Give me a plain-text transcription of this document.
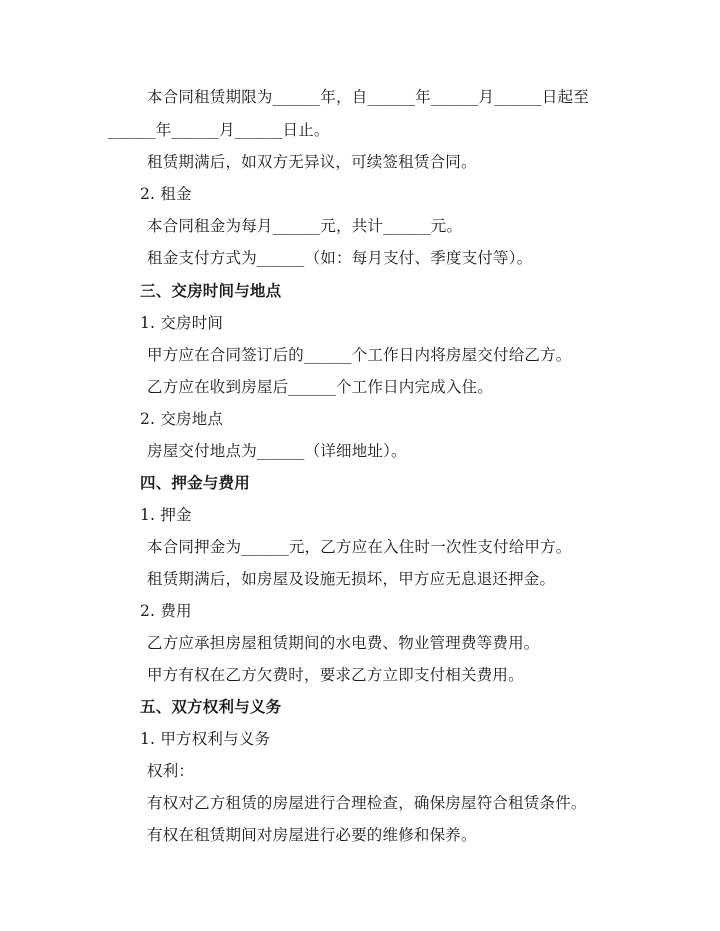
本合同租赁期限为______年，自______年______月______日起至
______年______月______日止。
租赁期满后，如双方无异议，可续签租赁合同。
2. 租金
本合同租金为每月______元，共计______元。
租金支付方式为______（如：每月支付、季度支付等）。
三、交房时间与地点
1. 交房时间
甲方应在合同签订后的______个工作日内将房屋交付给乙方。
乙方应在收到房屋后______个工作日内完成入住。
2. 交房地点
房屋交付地点为______（详细地址）。
四、押金与费用
1. 押金
本合同押金为______元，乙方应在入住时一次性支付给甲方。
租赁期满后，如房屋及设施无损坏，甲方应无息退还押金。
2. 费用
乙方应承担房屋租赁期间的水电费、物业管理费等费用。
甲方有权在乙方欠费时，要求乙方立即支付相关费用。
五、双方权利与义务
1. 甲方权利与义务
权利：
有权对乙方租赁的房屋进行合理检查，确保房屋符合租赁条件。
有权在租赁期间对房屋进行必要的维修和保养。
